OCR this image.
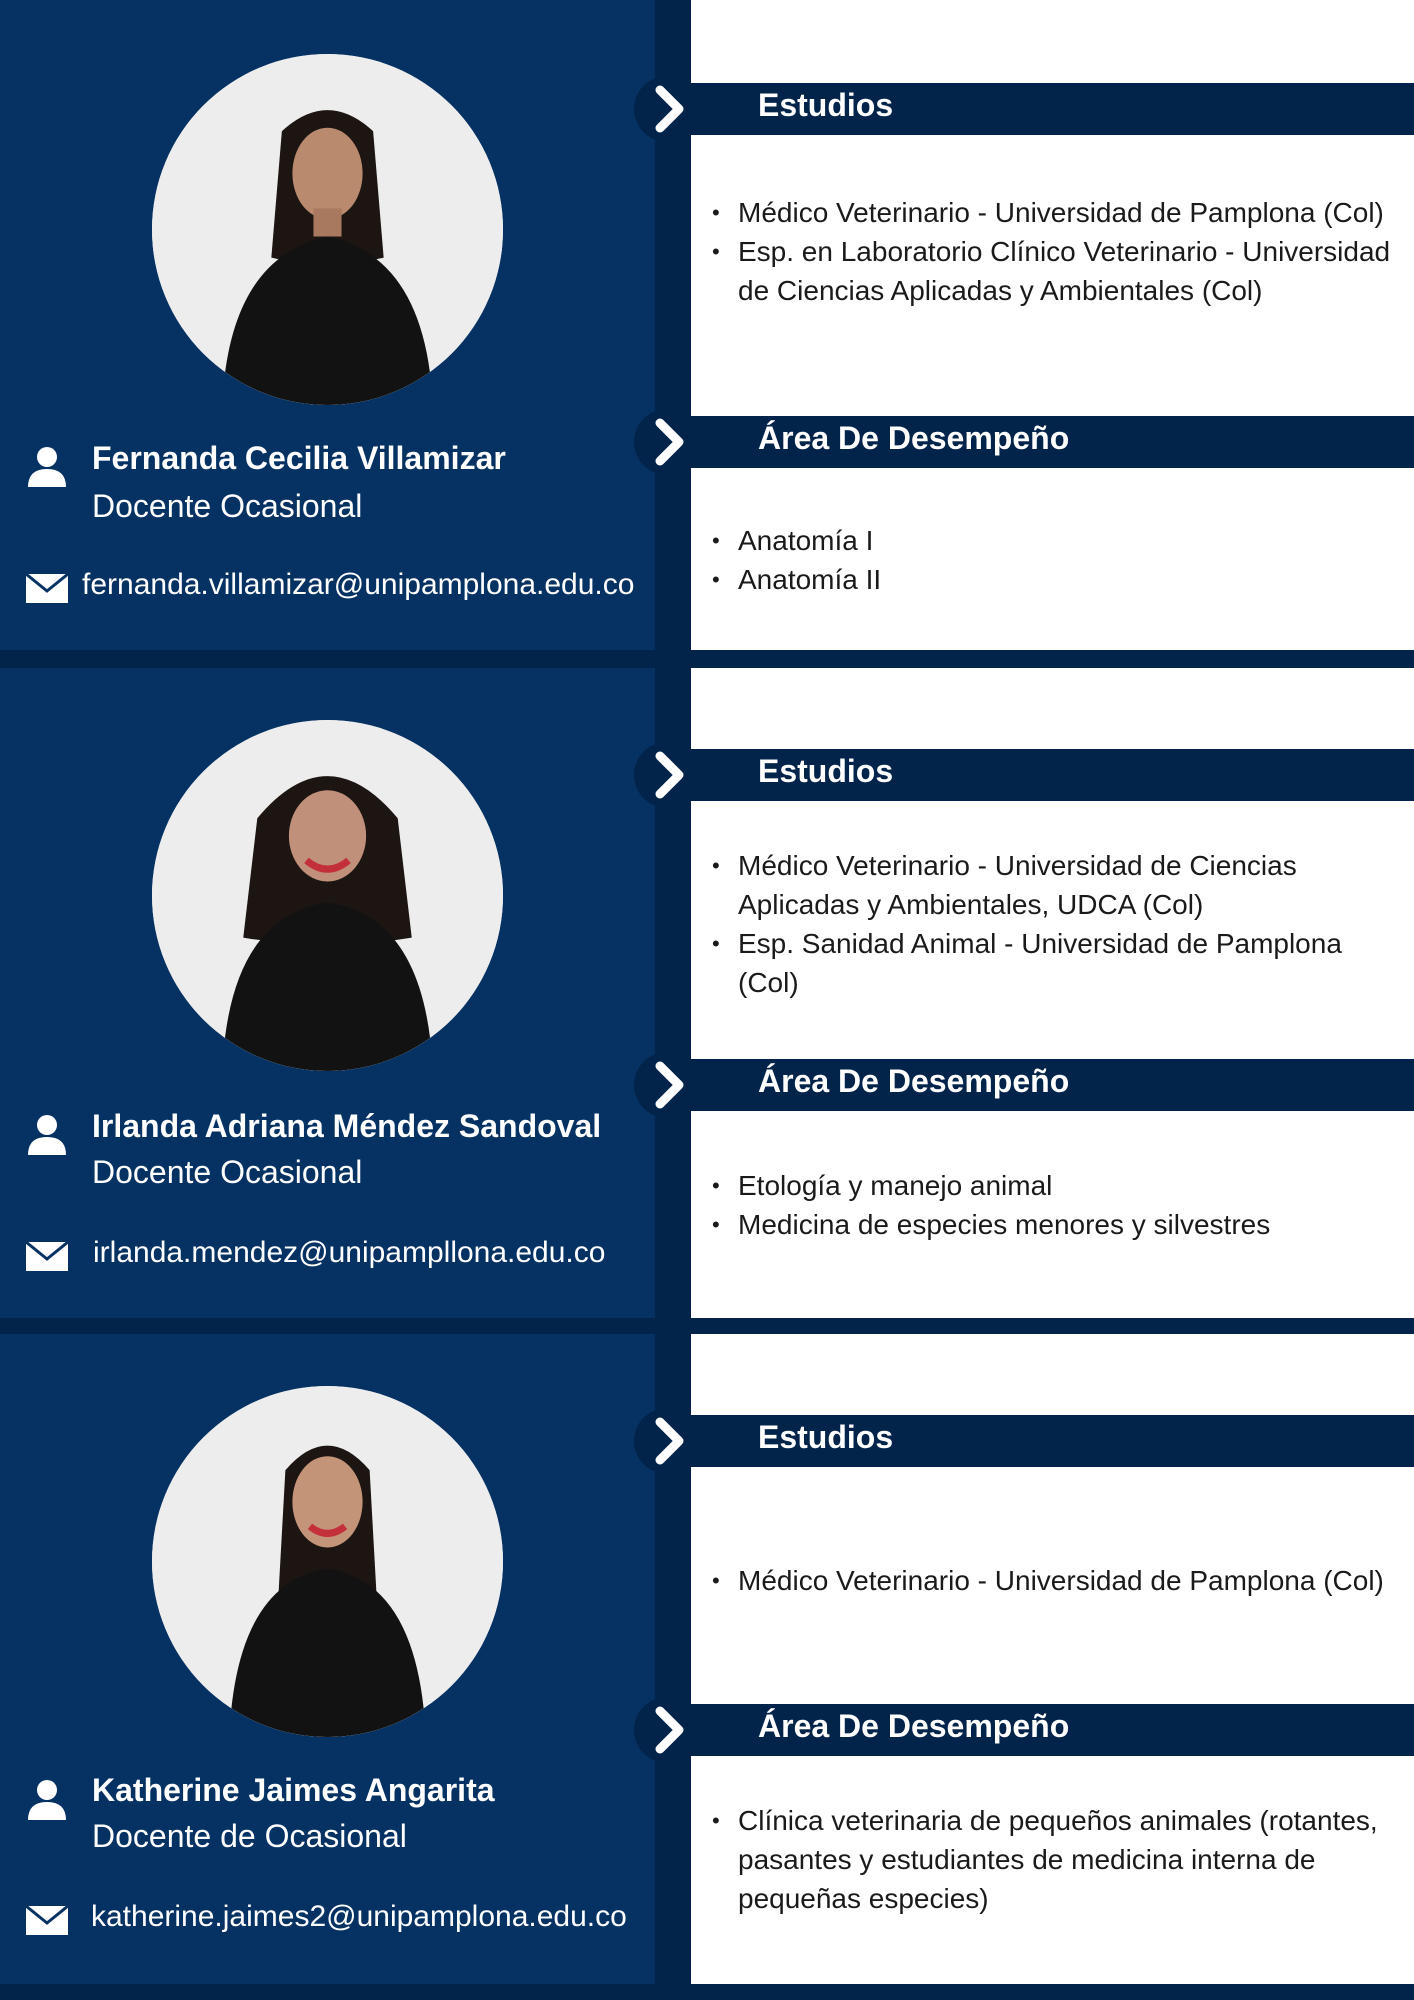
Fernanda Cecilia Villamizar
Docente Ocasional
fernanda.villamizar@unipamplona.edu.co
Estudios
• Médico Veterinario - Universidad de Pamplona (Col)
• Esp. en Laboratorio Clínico Veterinario - Universidad de Ciencias Aplicadas y Ambientales (Col)
Área De Desempeño
• Anatomía I
• Anatomía II
Irlanda Adriana Méndez Sandoval
Docente Ocasional
irlanda.mendez@unipampllona.edu.co
Estudios
• Médico Veterinario - Universidad de Ciencias Aplicadas y Ambientales, UDCA (Col)
• Esp. Sanidad Animal - Universidad de Pamplona (Col)
Área De Desempeño
• Etología y manejo animal
• Medicina de especies menores y silvestres
Katherine Jaimes Angarita
Docente de Ocasional
katherine.jaimes2@unipamplona.edu.co
Estudios
• Médico Veterinario - Universidad de Pamplona (Col)
Área De Desempeño
• Clínica veterinaria de pequeños animales (rotantes, pasantes y estudiantes de medicina interna de pequeñas especies)
